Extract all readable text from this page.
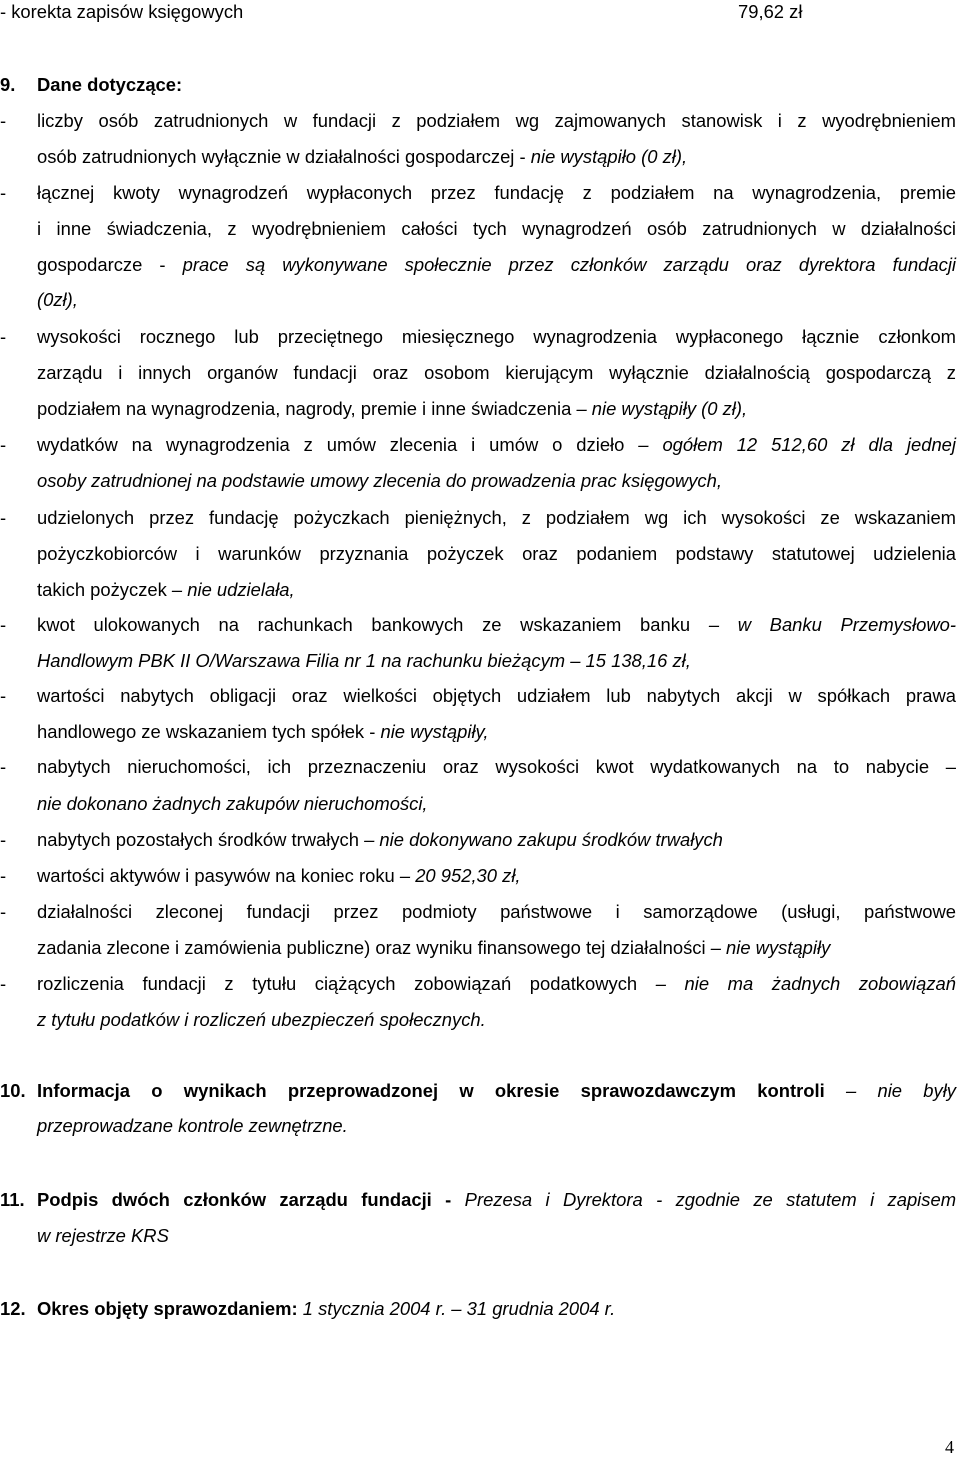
- korekta zapisów księgowych	79,62 zł
9. Dane dotyczące:
-	liczby osób zatrudnionych w fundacji z podziałem wg zajmowanych stanowisk i z wyodrębnieniem
osób zatrudnionych wyłącznie w działalności gospodarczej - nie wystąpiło (0 zł),
-	łącznej kwoty wynagrodzeń wypłaconych przez fundację z podziałem na wynagrodzenia, premie
i inne świadczenia, z wyodrębnieniem całości tych wynagrodzeń osób zatrudnionych w działalności
gospodarcze - prace są wykonywane społecznie przez członków zarządu oraz dyrektora fundacji
(0zł),
-	wysokości rocznego lub przeciętnego miesięcznego wynagrodzenia wypłaconego łącznie członkom
zarządu i innych organów fundacji oraz osobom kierującym wyłącznie działalnością gospodarczą z
podziałem na wynagrodzenia, nagrody, premie i inne świadczenia – nie wystąpiły (0 zł),
-	wydatków na wynagrodzenia z umów zlecenia i umów o dzieło – ogółem 12 512,60 zł dla jednej
osoby zatrudnionej na podstawie umowy zlecenia do prowadzenia prac księgowych,
-	udzielonych przez fundację pożyczkach pieniężnych, z podziałem wg ich wysokości ze wskazaniem
pożyczkobiorców i warunków przyznania pożyczek oraz podaniem podstawy statutowej udzielenia
takich pożyczek – nie udzielała,
-	kwot ulokowanych na rachunkach bankowych ze wskazaniem banku – w Banku Przemysłowo-
Handlowym PBK II O/Warszawa Filia nr 1 na rachunku bieżącym – 15 138,16 zł,
-	wartości nabytych obligacji oraz wielkości objętych udziałem lub nabytych akcji w spółkach prawa
handlowego ze wskazaniem tych spółek - nie wystąpiły,
-	nabytych nieruchomości, ich przeznaczeniu oraz wysokości kwot wydatkowanych na to nabycie –
nie dokonano żadnych zakupów nieruchomości,
-	nabytych pozostałych środków trwałych – nie dokonywano zakupu środków trwałych
-	wartości aktywów i pasywów na koniec roku – 20 952,30 zł,
-	działalności zleconej fundacji przez podmioty państwowe i samorządowe (usługi, państwowe
zadania zlecone i zamówienia publiczne) oraz wyniku finansowego tej działalności – nie wystąpiły
-	rozliczenia fundacji z tytułu ciążących zobowiązań podatkowych – nie ma żadnych zobowiązań
z tytułu podatków i rozliczeń ubezpieczeń społecznych.
10. Informacja o wynikach przeprowadzonej w okresie sprawozdawczym kontroli – nie były
przeprowadzane kontrole zewnętrzne.
11. Podpis dwóch członków zarządu fundacji - Prezesa i Dyrektora - zgodnie ze statutem i zapisem
w rejestrze KRS
12. Okres objęty sprawozdaniem: 1 stycznia 2004 r. – 31 grudnia 2004 r.
4
